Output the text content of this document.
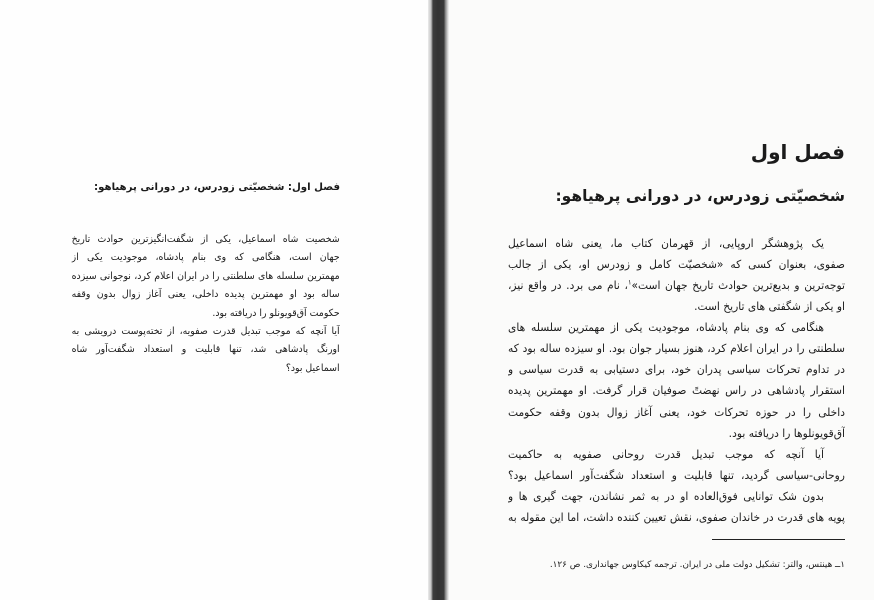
فصل اول: شخصیّتی زودرس، در دورانی پرهیاهو:
شخصیت شاه اسماعیل، یکی از شگفت‌انگیزترین حوادث تاریخ
جهان است، هنگامی که وی بنام پادشاه، موجودیت یکی از
مهمترین سلسله های سلطنتی را در ایران اعلام کرد، نوجوانی سیزده
ساله بود او مهمترین پدیده داخلی، یعنی آغاز زوال بدون وقفه
حکومت آق‌قویونلو را دریافته بود.
آیا آنچه که موجب تبدیل قدرت صفویه، از تخته‌پوست درویشی به
اورنگ پادشاهی شد، تنها قابلیت و استعداد شگفت‌آور شاه
اسماعیل بود؟
فصل اول
شخصیّتی زودرس، در دورانی پرهیاهو:
یک پژوهشگر اروپایی، از قهرمان کتاب ما، یعنی شاه اسماعیل
صفوی، بعنوان کسی که «شخصیّت کامل و زودرس او، یکی از جالب
توجه‌ترین و بدیع‌ترین حوادث تاریخ جهان است»$^۱$، نام می برد. در واقع نیز،
او یکی از شگفتی های تاریخ است.
هنگامی که وی بنام پادشاه، موجودیت یکی از مهمترین سلسله های
سلطنتی را در ایران اعلام کرد، هنوز بسیار جوان بود. او سیزده ساله بود که
در تداوم تحرکات سیاسی پدران خود، برای دستیابی به قدرت سیاسی و
استقرار پادشاهی در راس نهضتً صوفیان قرار گرفت. او مهمترین پدیده
داخلی را در حوزه تحرکات خود، یعنی آغاز زوال بدون وقفه حکومت
آق‌قویونلوها را دریافته بود.
آیا آنچه که موجب تبدیل قدرت روحانی صفویه به حاکمیت
روحانی-سیاسی گردید، تنها قابلیت و استعداد شگفت‌آور اسماعیل بود؟
بدون شک توانایی فوق‌العاده او در به ثمر نشاندن، جهت گیری ها و
پویه های قدرت در خاندان صفوی، نقش تعیین کننده داشت، اما این مقوله به
۱ــ هینتس، والتر: تشکیل دولت ملی در ایران. ترجمه کیکاوس جهانداری. ص ۱۲۶.
